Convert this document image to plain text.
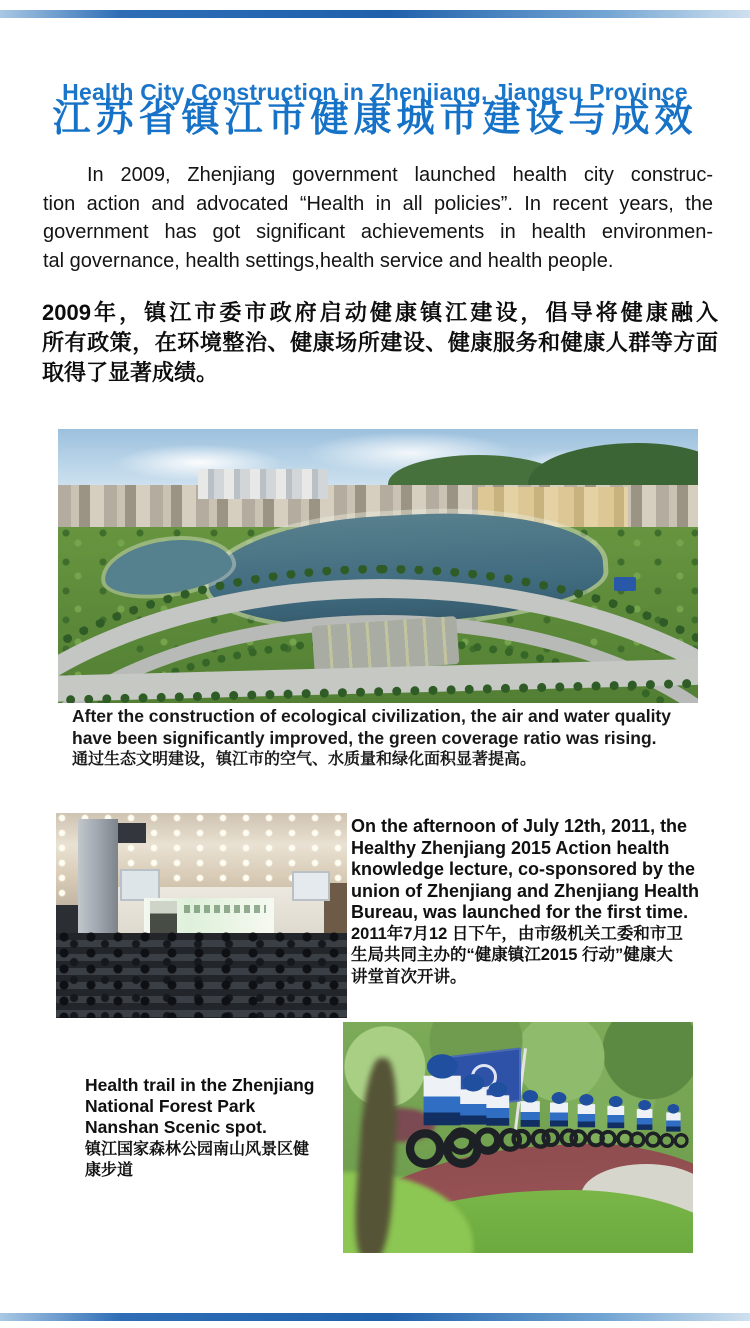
Health City Construction in Zhenjiang, Jiangsu Province
江苏省镇江市健康城市建设与成效
In 2009, Zhenjiang government launched health city construc-
tion action and advocated “Health in all policies”. In recent years, the
government has got significant achievements in health environmen-
tal governance, health settings,health service and health people.
2009年，镇江市委市政府启动健康镇江建设，倡导将健康融入
所有政策，在环境整治、健康场所建设、健康服务和健康人群等方面
取得了显著成绩。
After the construction of ecological civilization, the air and water quality
have been significantly improved, the green coverage ratio was rising.
通过生态文明建设，镇江市的空气、水质量和绿化面积显著提高。
On the afternoon of July 12th, 2011, the
Healthy Zhenjiang 2015 Action health
knowledge lecture, co-sponsored by the
union of Zhenjiang and Zhenjiang Health
Bureau, was launched for the first time.
2011年7月12 日下午，由市级机关工委和市卫
生局共同主办的“健康镇江2015 行动”健康大
讲堂首次开讲。
Health trail in the Zhenjiang
National Forest Park
Nanshan Scenic spot.
镇江国家森林公园南山风景区健
康步道
